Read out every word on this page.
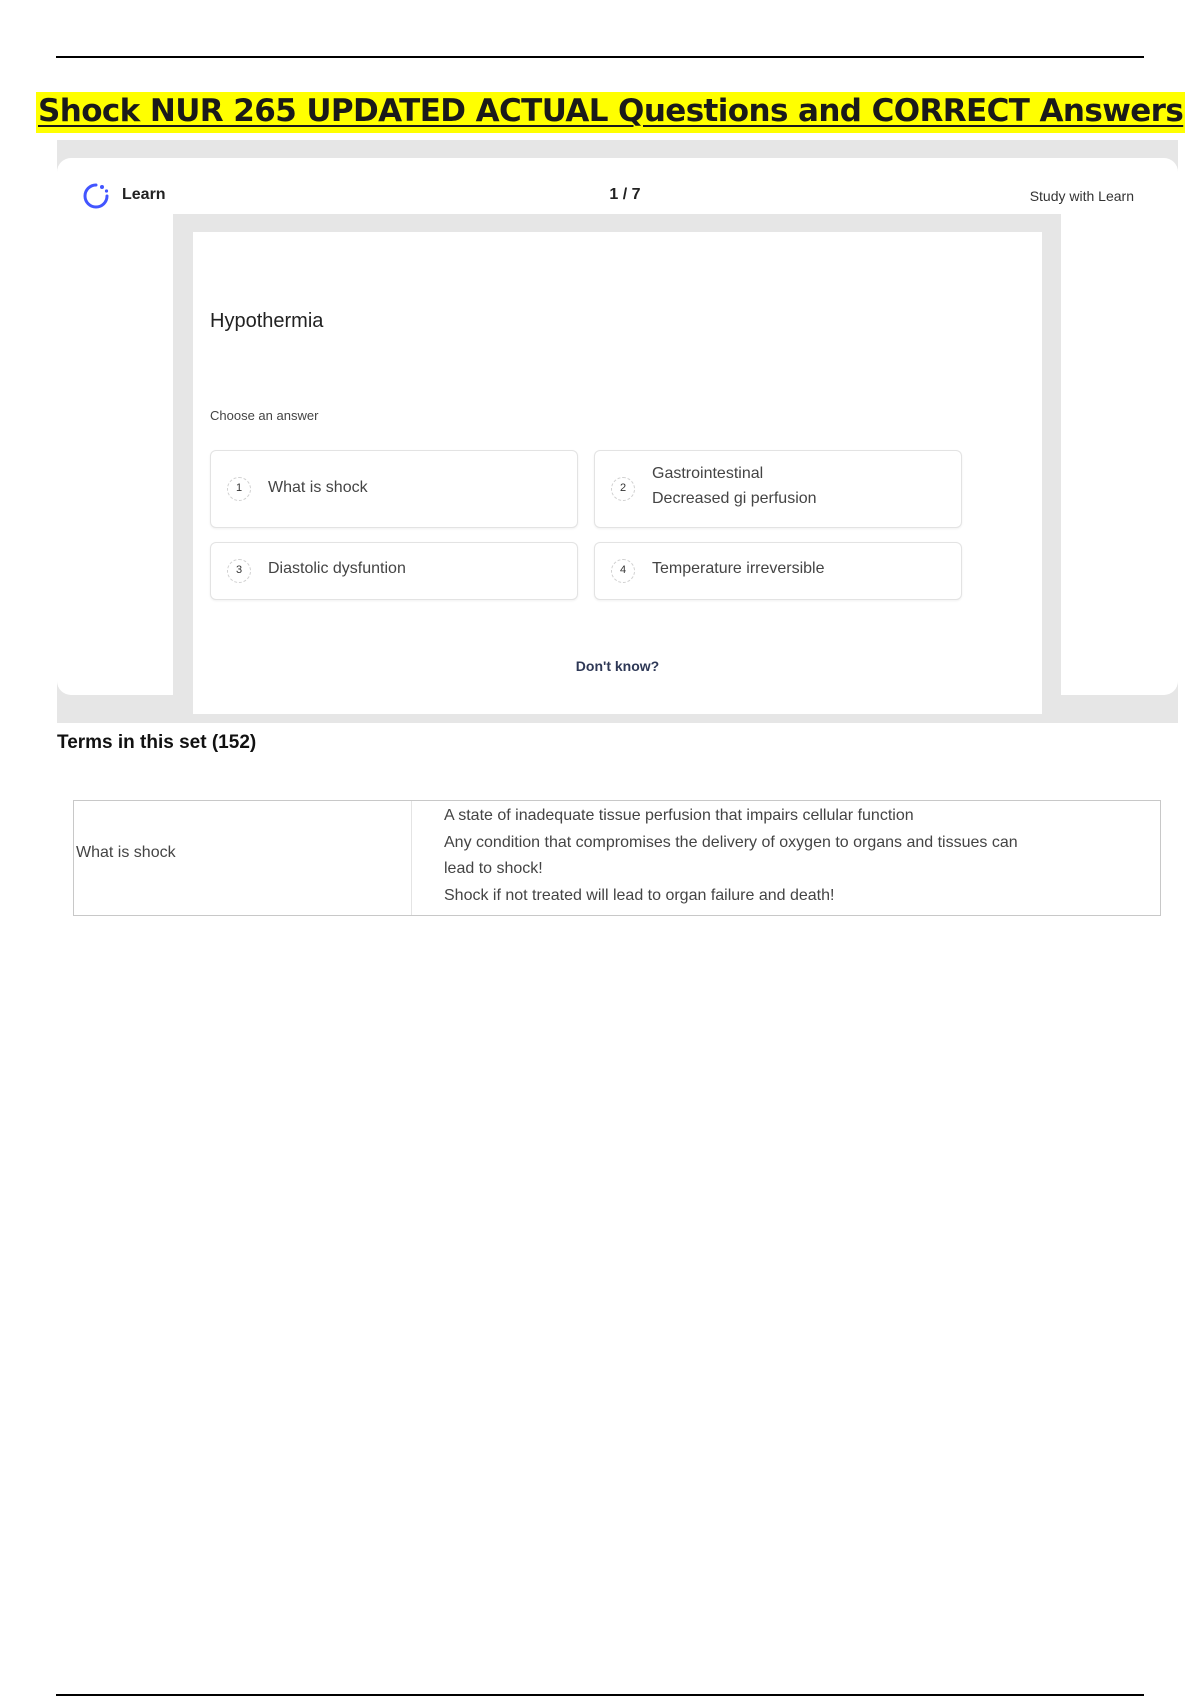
Shock NUR 265 UPDATED ACTUAL Questions and CORRECT Answers
Learn	1 / 7	Study with Learn
Hypothermia
Choose an answer
1	What is shock	2
Gastrointestinal
Decreased gi perfusion
3	Diastolic dysfuntion	4	Temperature irreversible
Don't know?
Terms in this set (152)
What is shock
A state of inadequate tissue perfusion that impairs cellular function
Any condition that compromises the delivery of oxygen to organs and tissues can
lead to shock!
Shock if not treated will lead to organ failure and death!
